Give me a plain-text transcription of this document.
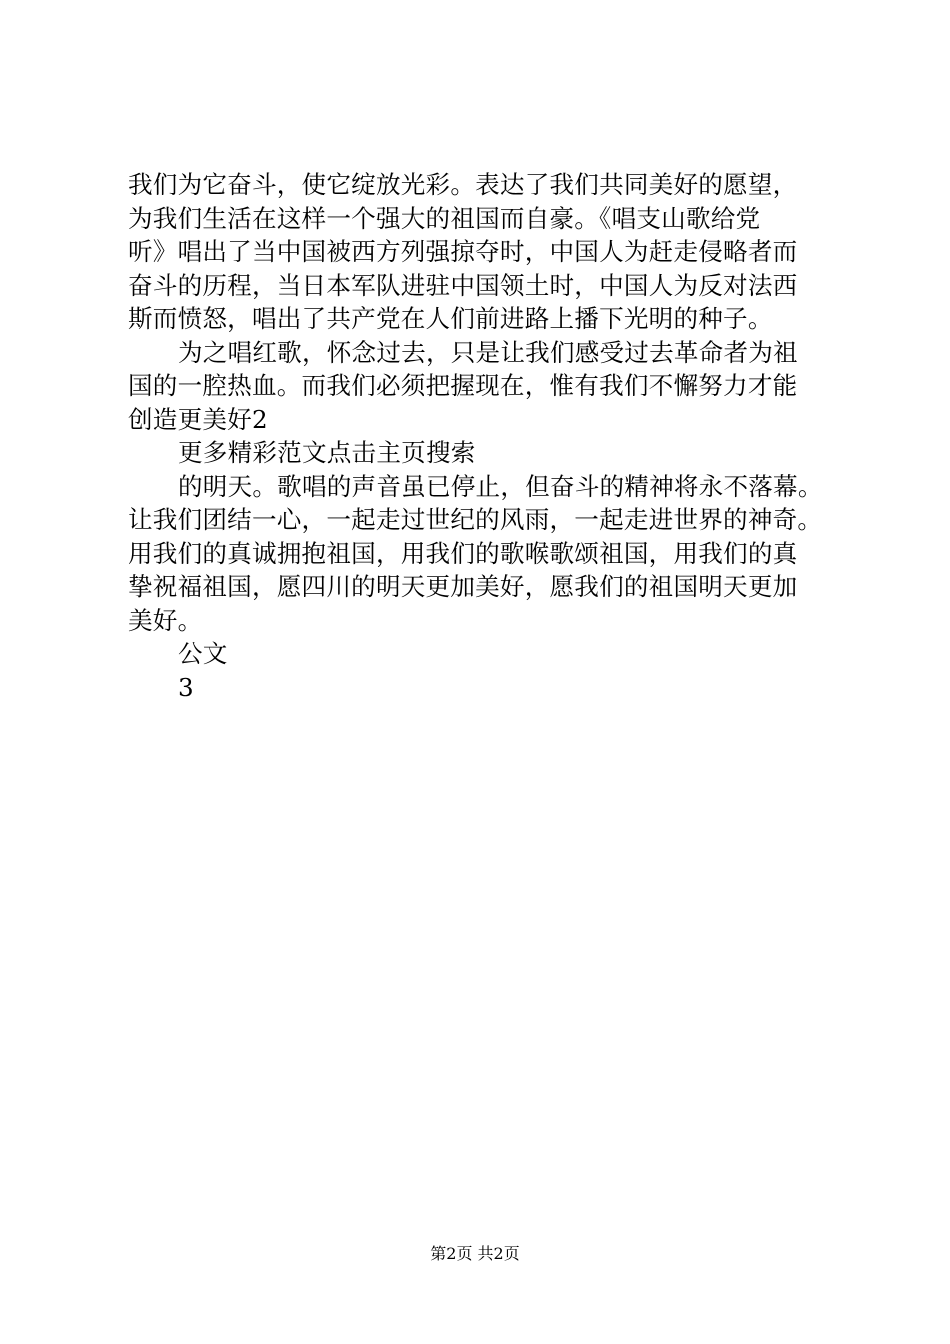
我们为它奋斗，使它绽放光彩。表达了我们共同美好的愿望，
为我们生活在这样一个强大的祖国而自豪。《唱支山歌给党
听》唱出了当中国被西方列强掠夺时，中国人为赶走侵略者而
奋斗的历程，当日本军队进驻中国领土时，中国人为反对法西
斯而愤怒，唱出了共产党在人们前进路上播下光明的种子。
为之唱红歌，怀念过去，只是让我们感受过去革命者为祖
国的一腔热血。而我们必须把握现在，惟有我们不懈努力才能
创造更美好2
更多精彩范文点击主页搜索
的明天。歌唱的声音虽已停止，但奋斗的精神将永不落幕。
让我们团结一心，一起走过世纪的风雨，一起走进世界的神奇。
用我们的真诚拥抱祖国，用我们的歌喉歌颂祖国，用我们的真
挚祝福祖国，愿四川的明天更加美好，愿我们的祖国明天更加
美好。
公文
3
第2页 共2页
